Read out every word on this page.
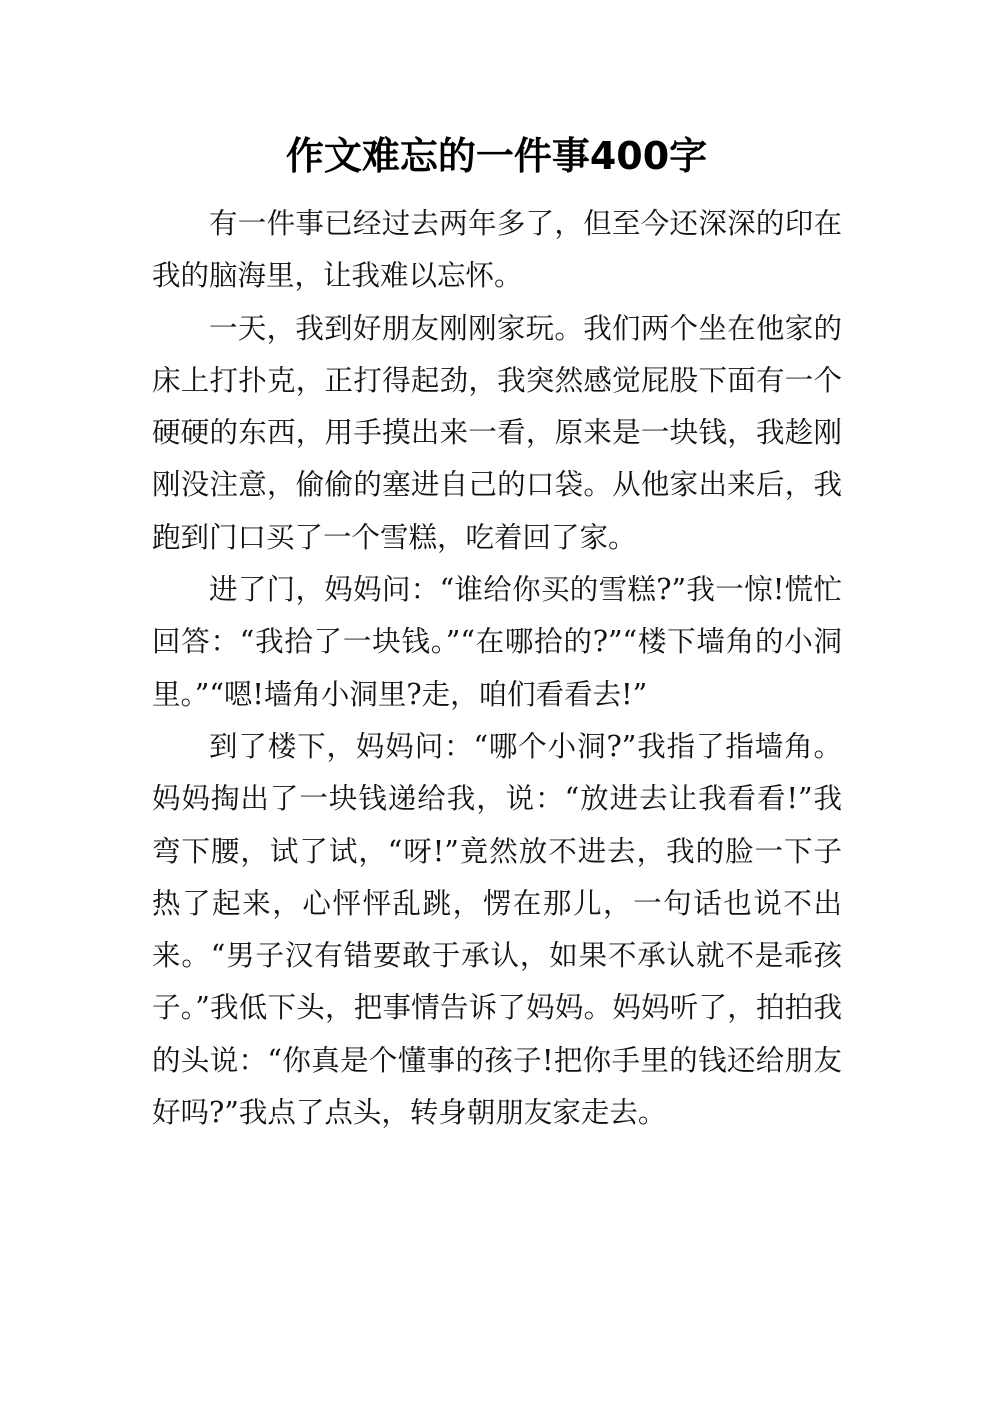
作文难忘的一件事400字

有一件事已经过去两年多了，但至今还深深的印在我的脑海里，让我难以忘怀。

一天，我到好朋友刚刚家玩。我们两个坐在他家的床上打扑克，正打得起劲，我突然感觉屁股下面有一个硬硬的东西，用手摸出来一看，原来是一块钱，我趁刚刚没注意，偷偷的塞进自己的口袋。从他家出来后，我跑到门口买了一个雪糕，吃着回了家。

进了门，妈妈问：“谁给你买的雪糕?”我一惊!慌忙回答：“我拾了一块钱。”“在哪拾的?”“楼下墙角的小洞里。”“嗯!墙角小洞里?走，咱们看看去!”

到了楼下，妈妈问：“哪个小洞?”我指了指墙角。妈妈掏出了一块钱递给我，说：“放进去让我看看!”我弯下腰，试了试，“呀!”竟然放不进去，我的脸一下子热了起来，心怦怦乱跳，愣在那儿，一句话也说不出来。“男子汉有错要敢于承认，如果不承认就不是乖孩子。”我低下头，把事情告诉了妈妈。妈妈听了，拍拍我的头说：“你真是个懂事的孩子!把你手里的钱还给朋友好吗?”我点了点头，转身朝朋友家走去。
